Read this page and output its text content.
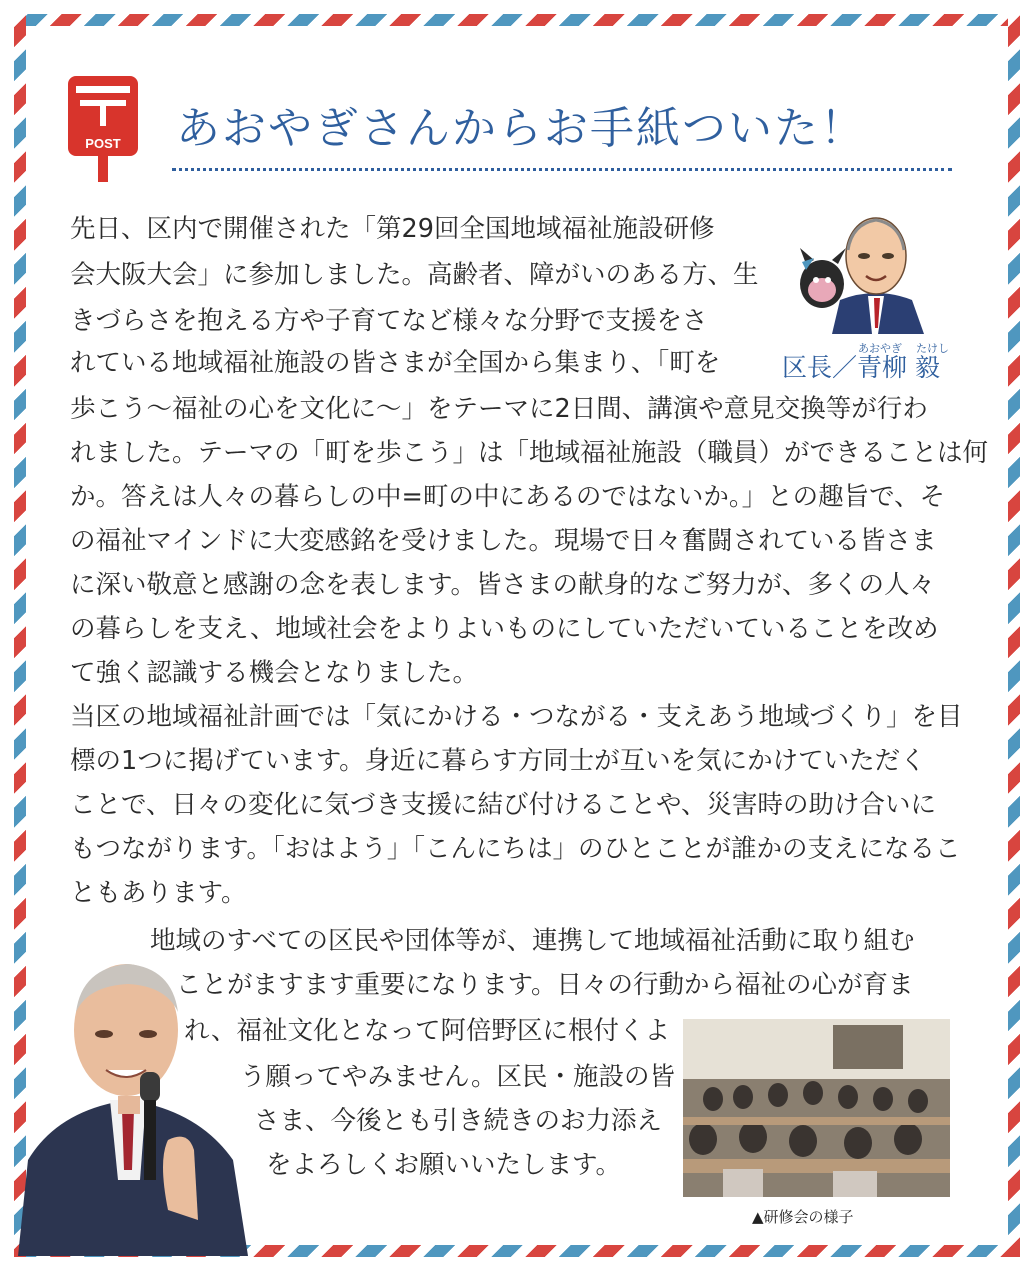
POST あおやぎさんからお手紙ついた！
あおやぎ たけし
区長／青柳 毅
先日、区内で開催された「第29回全国地域福祉施設研修
会大阪大会」に参加しました。高齢者、障がいのある方、生
きづらさを抱える方や子育てなど様々な分野で支援をさ
れている地域福祉施設の皆さまが全国から集まり、「町を
歩こう〜福祉の心を文化に〜」をテーマに2日間、講演や意見交換等が行わ
れました。テーマの「町を歩こう」は「地域福祉施設（職員）ができることは何
か。答えは人々の暮らしの中=町の中にあるのではないか。」との趣旨で、そ
の福祉マインドに大変感銘を受けました。現場で日々奮闘されている皆さま
に深い敬意と感謝の念を表します。皆さまの献身的なご努力が、多くの人々
の暮らしを支え、地域社会をよりよいものにしていただいていることを改め
て強く認識する機会となりました。
当区の地域福祉計画では「気にかける・つながる・支えあう地域づくり」を目
標の1つに掲げています。身近に暮らす方同士が互いを気にかけていただく
ことで、日々の変化に気づき支援に結び付けることや、災害時の助け合いに
もつながります。「おはよう」「こんにちは」のひとことが誰かの支えになるこ
ともあります。
地域のすべての区民や団体等が、連携して地域福祉活動に取り組む
ことがますます重要になります。日々の行動から福祉の心が育ま
れ、福祉文化となって阿倍野区に根付くよ
う願ってやみません。区民・施設の皆
さま、今後とも引き続きのお力添え
をよろしくお願いいたします。
▲研修会の様子
